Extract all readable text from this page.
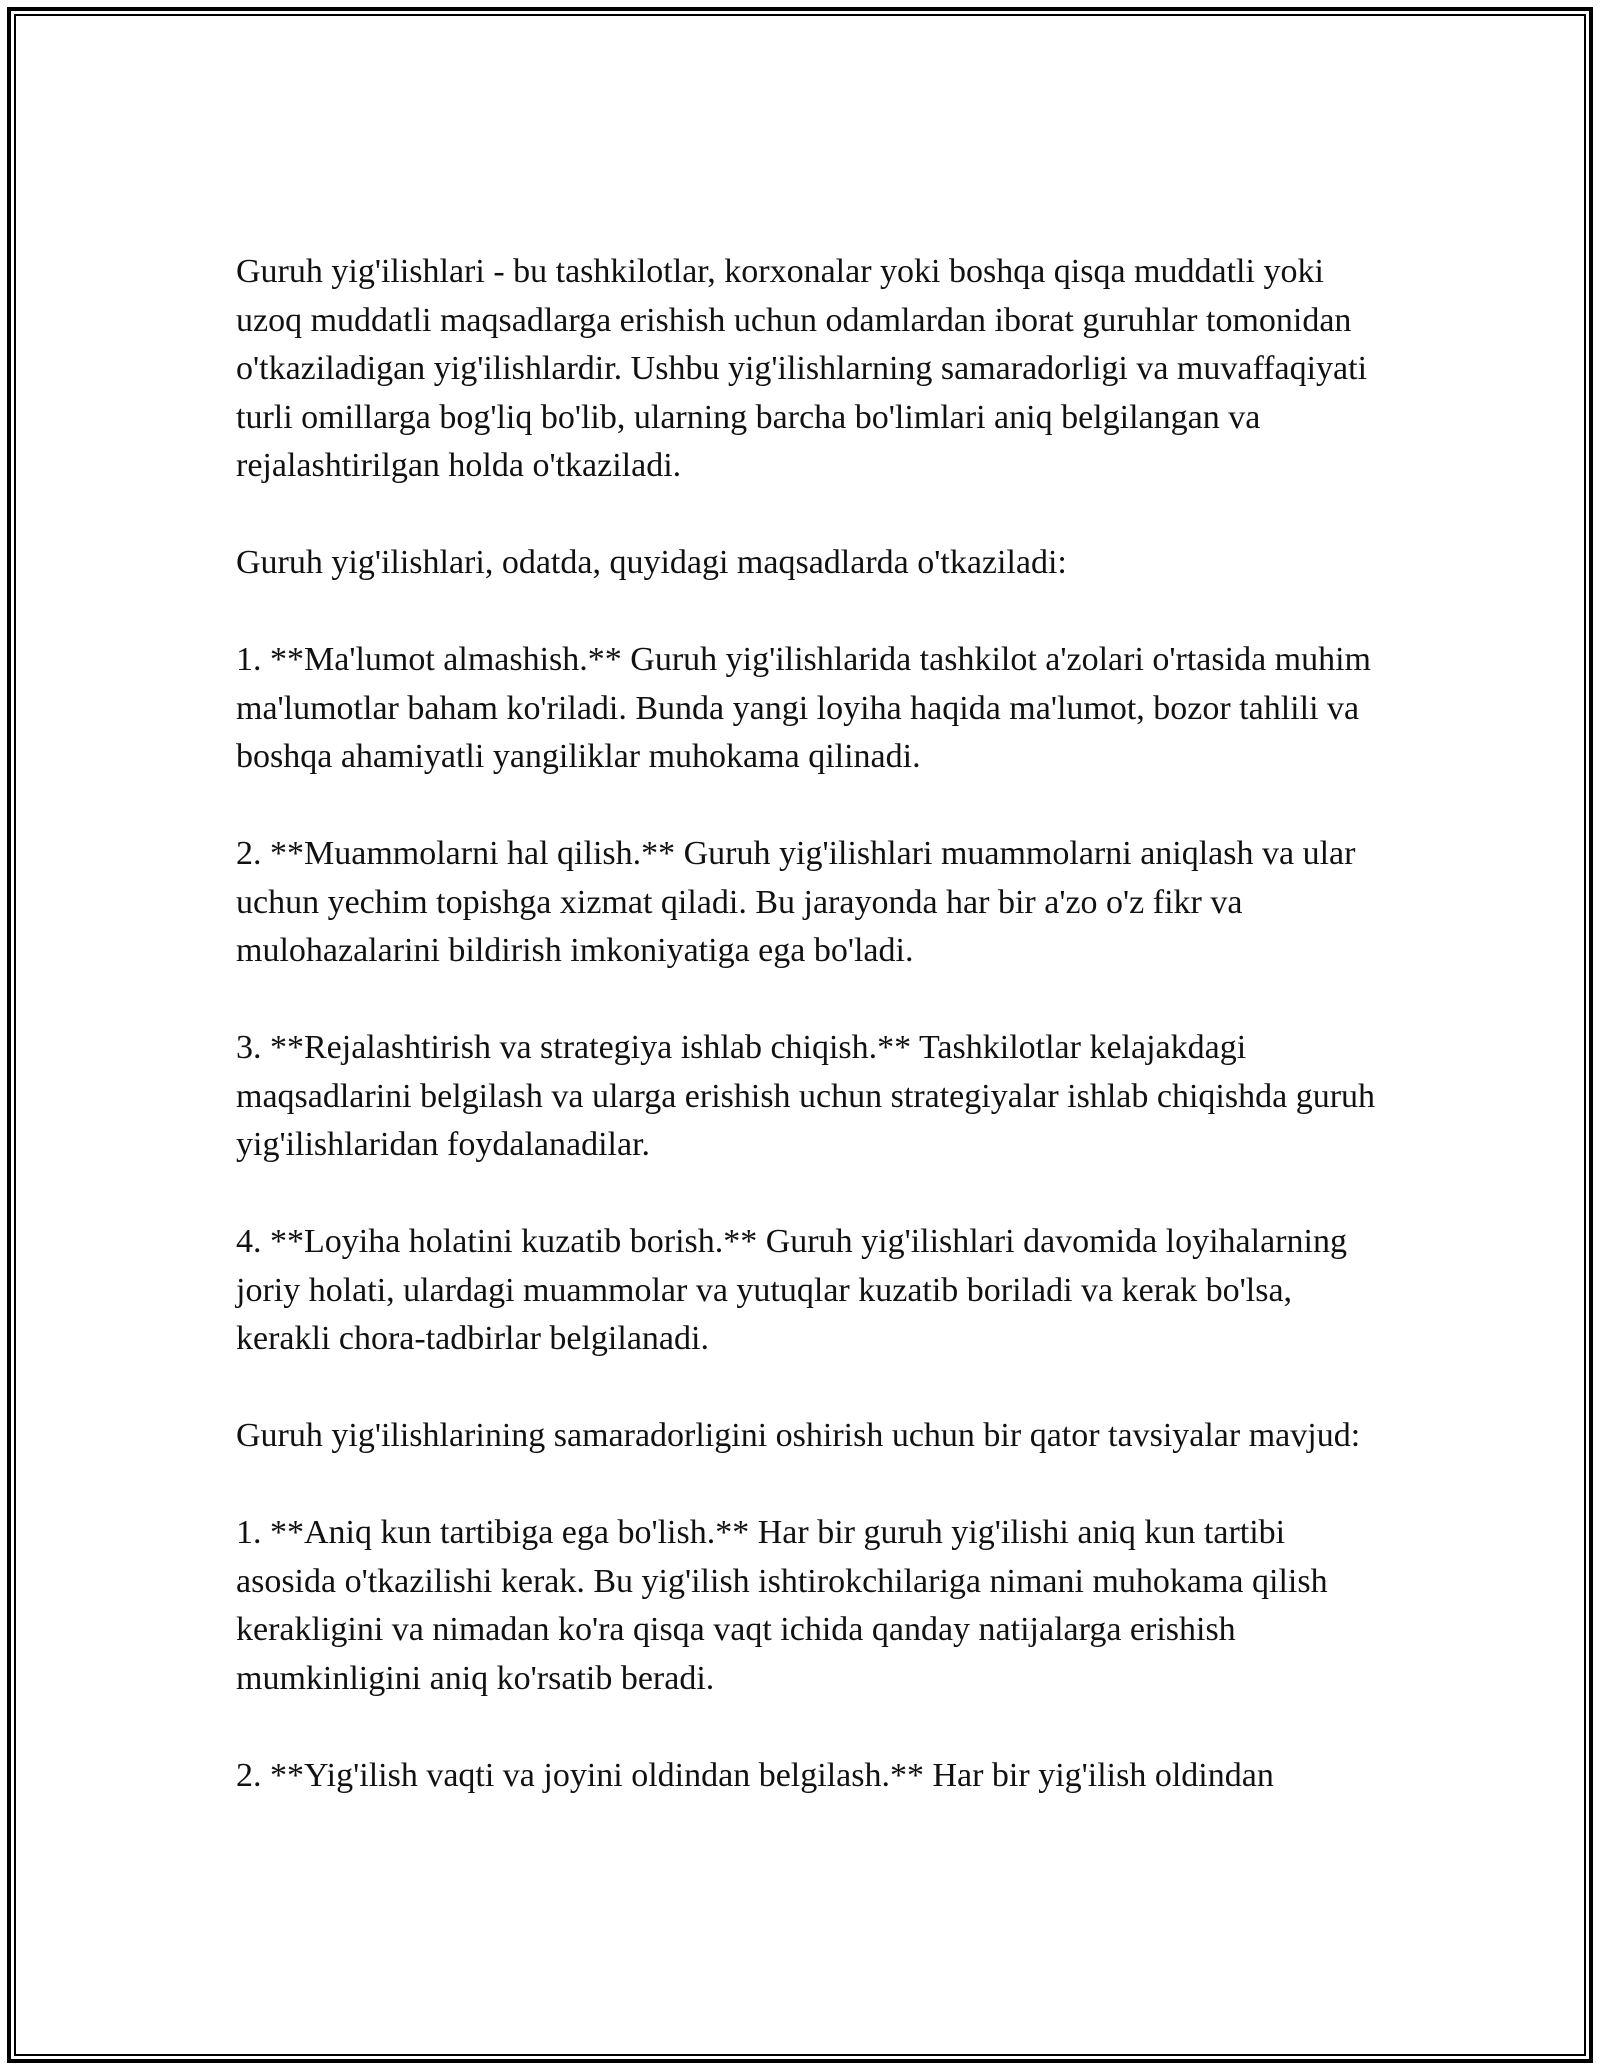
Guruh yig'ilishlari - bu tashkilotlar, korxonalar yoki boshqa qisqa muddatli yoki uzoq muddatli maqsadlarga erishish uchun odamlardan iborat guruhlar tomonidan o'tkaziladigan yig'ilishlardir. Ushbu yig'ilishlarning samaradorligi va muvaffaqiyati turli omillarga bog'liq bo'lib, ularning barcha bo'limlari aniq belgilangan va rejalashtirilgan holda o'tkaziladi.

Guruh yig'ilishlari, odatda, quyidagi maqsadlarda o'tkaziladi:

1. **Ma'lumot almashish.** Guruh yig'ilishlarida tashkilot a'zolari o'rtasida muhim ma'lumotlar baham ko'riladi. Bunda yangi loyiha haqida ma'lumot, bozor tahlili va boshqa ahamiyatli yangiliklar muhokama qilinadi.

2. **Muammolarni hal qilish.** Guruh yig'ilishlari muammolarni aniqlash va ular uchun yechim topishga xizmat qiladi. Bu jarayonda har bir a'zo o'z fikr va mulohazalarini bildirish imkoniyatiga ega bo'ladi.

3. **Rejalashtirish va strategiya ishlab chiqish.** Tashkilotlar kelajakdagi maqsadlarini belgilash va ularga erishish uchun strategiyalar ishlab chiqishda guruh yig'ilishlaridan foydalanadilar.

4. **Loyiha holatini kuzatib borish.** Guruh yig'ilishlari davomida loyihalarning joriy holati, ulardagi muammolar va yutuqlar kuzatib boriladi va kerak bo'lsa, kerakli chora-tadbirlar belgilanadi.

Guruh yig'ilishlarining samaradorligini oshirish uchun bir qator tavsiyalar mavjud:

1. **Aniq kun tartibiga ega bo'lish.** Har bir guruh yig'ilishi aniq kun tartibi asosida o'tkazilishi kerak. Bu yig'ilish ishtirokchilariga nimani muhokama qilish kerakligini va nimadan ko'ra qisqa vaqt ichida qanday natijalarga erishish mumkinligini aniq ko'rsatib beradi.

2. **Yig'ilish vaqti va joyini oldindan belgilash.** Har bir yig'ilish oldindan
